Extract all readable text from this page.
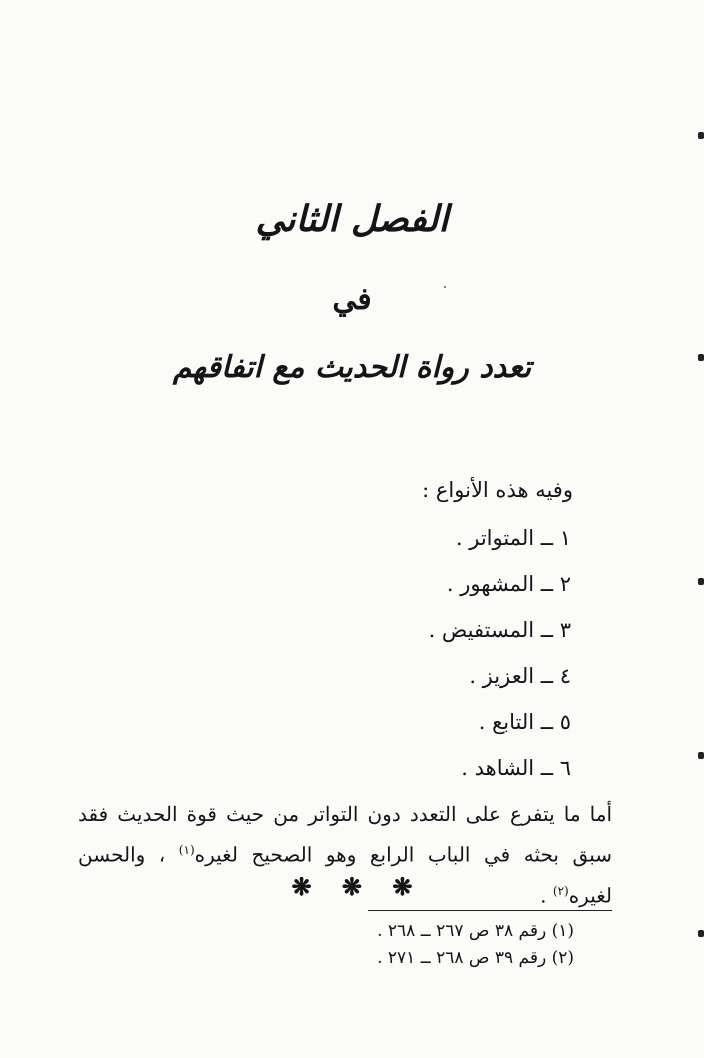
الفصل الثاني
في
تعدد رواة الحديث مع اتفاقهم
وفيه هذه الأنواع :
١ ــ المتواتر .
٢ ــ المشهور .
٣ ــ المستفيض .
٤ ــ العزيز .
٥ ــ التابع .
٦ ــ الشاهد .

أما ما يتفرع على التعدد دون التواتر من حيث قوة الحديث فقد سبق بحثه في الباب الرابع وهو الصحيح لغيره$^{(١)}$ ، والحسن لغيره$^{(٢)}$ .

❋ ❋ ❋
(١) رقم ٣٨ ص ٢٦٧ ــ ٢٦٨ .
(٢) رقم ٣٩ ص ٢٦٨ ــ ٢٧١ .
